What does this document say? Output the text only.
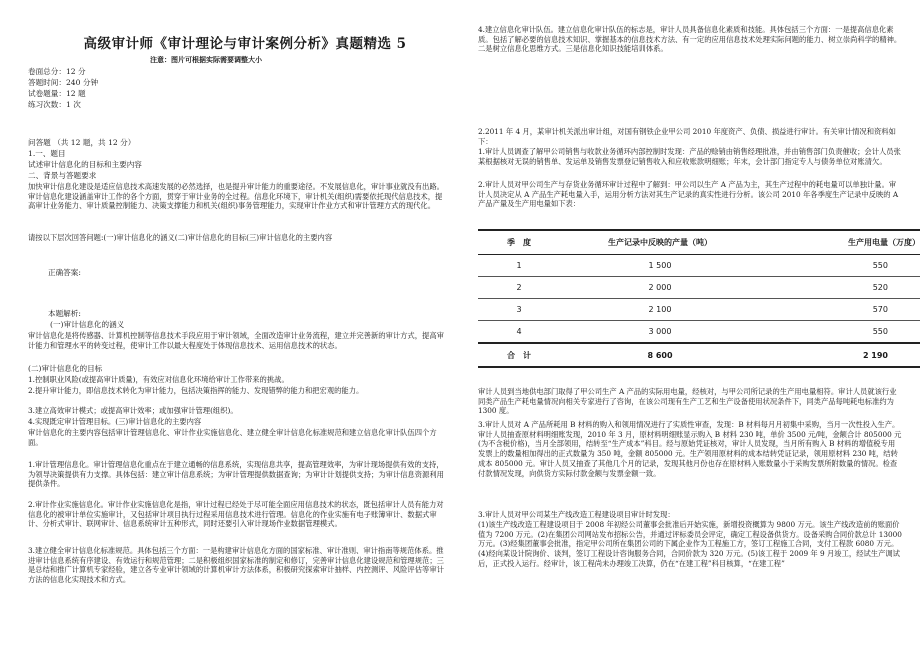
高级审计师《审计理论与审计案例分析》真题精选 5
注意：图片可根据实际需要调整大小
卷面总分：12 分
答题时间：240 分钟
试卷题量：12 题
练习次数：1 次
问答题 （共 12 题，共 12 分）
1.一、题目
试述审计信息化的目标和主要内容
二、背景与答题要求
加快审计信息化建设是适应信息技术高速发展的必然选择，也是提升审计能力的重要途径。不发展信息化，审计事业就没有出路。审计信息化建设涵盖审计工作的各个方面，贯穿于审计业务的全过程。信息化环境下，审计机关(组织)需要依托现代信息技术，提高审计业务能力、审计质量控制能力、决策支撑能力和机关(组织)事务管理能力，实现审计作业方式和审计管理方式的现代化。
请按以下层次回答问题:(一)审计信息化的涵义(二)审计信息化的目标(三)审计信息化的主要内容
正确答案:
本题解析:
(一)审计信息化的涵义
审计信息化是将传感器、计算机控制等信息技术手段应用于审计领域，全面改造审计业务流程，建立并完善新的审计方式，提高审计能力和管理水平的转变过程，使审计工作以最大程度处于体现信息技术、运用信息技术的状态。
(二)审计信息化的目标
1.控制职业风险(或提高审计质量)，有效应对信息化环境给审计工作带来的挑战。
2.提升审计能力，即信息技术转化为审计能力，包括决策指挥的能力、发现错弊的能力和把宏观的能力。
3.建立高效审计模式；或提高审计效率；或加强审计管理(组织)。
4.实现既定审计管理目标。(三)审计信息化的主要内容
审计信息化的主要内容包括审计管理信息化、审计作业实施信息化、建立健全审计信息化标准规范和建立信息化审计队伍四个方面。
1.审计管理信息化。审计管理信息化重点在于建立通畅的信息系统，实现信息共享，提高管理效率，为审计现场提供有效的支持，为领导决策提供有力支撑。具体包括：建立审计信息系统；为审计管理提供数据查询；为审计计划提供支持；为审计信息资源利用提供条件。
2.审计作业实施信息化。审计作业实施信息化是指，审计过程已经处于尽可能全面应用信息技术的状态，既包括审计人员有能力对信息化的被审计单位实施审计，又包括审计项目执行过程采用信息技术进行管理。信息化的作业实施有电子账簿审计、数据式审计、分析式审计、联网审计、信息系统审计五种形式，同时还要引入审计现场作业数据管理模式。
3.建立健全审计信息化标准规范。具体包括三个方面：一是构建审计信息化方面的国家标准、审计准则、审计指南等规范体系。推进审计信息系统有序建设、有效运行和规范管理；二是积极组织国家标准的制定和修订，完善审计信息化建设规范和管理规范；三是总结和推广计算机专家经验，建立各专业审计领域的计算机审计方法体系，积极研究探索审计抽样、内控测评、风险评估等审计方法的信息化实现技术和方式。
4.建立信息化审计队伍。建立信息化审计队伍的标志是，审计人员具备信息化素质和技能。具体包括三个方面：一是提高信息化素质。包括了解必要的信息技术知识、掌握基本的信息技术方法、有一定的应用信息技术处理实际问题的能力、树立崇尚科学的精神。二是树立信息化思维方式。三是信息化知识技能培训体系。
2.2011 年 4 月，某审计机关派出审计组，对国有钢铁企业甲公司 2010 年度资产、负债、损益进行审计。有关审计情况和资料如下：
1.审计人员调查了解甲公司销售与收款业务循环内部控制时发现：产品的赊销由销售经理批准，并由销售部门负责催收；会计人员张某根据核对无误的销售单、发运单及销售发票登记销售收入和应收账款明细账；年末，会计部门指定专人与债务单位对账清欠。
2.审计人员对甲公司生产与存货业务循环审计过程中了解到：甲公司以生产 A 产品为主，其生产过程中的耗电量可以单独计量。审计人员决定从 A 产品生产耗电量入手，运用分析方法对其生产记录的真实性进行分析。该公司 2010 年各季度生产记录中反映的 A 产品产量及生产用电量如下表：
季　度	生产记录中反映的产量（吨）	生产用电量（万度）
1	1 500	550
2	2 000	520
3	2 100	570
4	3 000	550
合　计	8 600	2 190
审计人员到当地供电部门取得了甲公司生产 A 产品的实际用电量，经核对，与甲公司所记录的生产用电量相符。审计人员就该行业同类产品生产耗电量情况向相关专家进行了咨询，在该公司现有生产工艺和生产设备使用状况条件下，同类产品每吨耗电标准约为 1300 度。
3.审计人员对 A 产品所耗用 B 材料的购入和领用情况进行了实质性审查，发现：B 材料每月月初集中采购，当月一次性投入生产。审计人员抽查原材料明细账发现，2010 年 3 月，原材料明细账显示购入 B 材料 230 吨，单价 3500 元/吨，金额合计 805000 元(为不含税价格)，当月全部领用，结转至“生产成本”科目。经与原始凭证核对，审计人员发现，当月所有购入 B 材料的增值税专用发票上的数量相加得出的正式数量为 350 吨，金额 805000 元。生产领用原材料的成本结转凭证记录，领用原材料 230 吨，结转成本 805000 元。审计人员又抽查了其他几个月的记录，发现其他月份也存在原材料入账数量小于采购发票所附数量的情况。检查付款情况发现，向供货方实际付款金额与发票金额一致。
3.审计人员对甲公司某生产线改造工程建设项目审计时发现：
(1)该生产线改造工程建设项目于 2008 年初经公司董事会批准后开始实施，新增投资概算为 9800 万元。该生产线改造前的账面价值为 7200 万元。(2)在集团公司网站发布招标公告，并通过评标委员会评定，确定工程设备供货方。设备采购合同价款总计 13000 万元。(3)经集团董事会批准，指定甲公司所在集团公司的下属企业作为工程施工方，签订工程施工合同，支付工程款 6080 万元。(4)经向某设计院询价、谈判，签订工程设计咨询服务合同，合同价款为 320 万元。(5)该工程于 2009 年 9 月竣工，经试生产调试后，正式投入运行。经审计，该工程尚未办理竣工决算，仍在“在建工程”科目核算，“在建工程”
